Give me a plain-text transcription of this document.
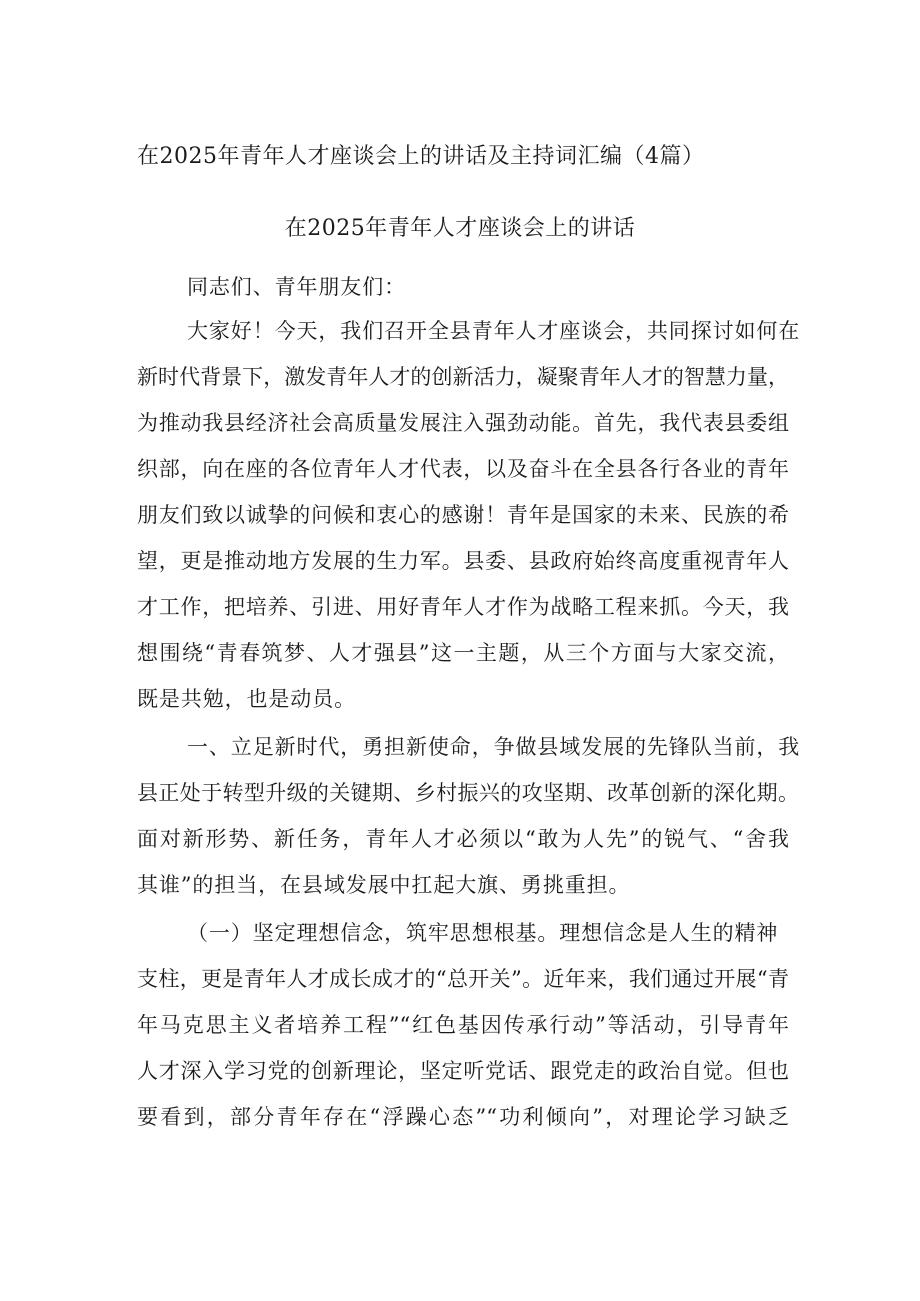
在2025年青年人才座谈会上的讲话及主持词汇编（4篇）
在2025年青年人才座谈会上的讲话
同志们、青年朋友们：
大家好！今天，我们召开全县青年人才座谈会，共同探讨如何在
新时代背景下，激发青年人才的创新活力，凝聚青年人才的智慧力量，
为推动我县经济社会高质量发展注入强劲动能。首先，我代表县委组
织部，向在座的各位青年人才代表，以及奋斗在全县各行各业的青年
朋友们致以诚挚的问候和衷心的感谢！青年是国家的未来、民族的希
望，更是推动地方发展的生力军。县委、县政府始终高度重视青年人
才工作，把培养、引进、用好青年人才作为战略工程来抓。今天，我
想围绕“青春筑梦、人才强县”这一主题，从三个方面与大家交流，
既是共勉，也是动员。
一、立足新时代，勇担新使命，争做县域发展的先锋队当前，我
县正处于转型升级的关键期、乡村振兴的攻坚期、改革创新的深化期。
面对新形势、新任务，青年人才必须以“敢为人先”的锐气、“舍我
其谁”的担当，在县域发展中扛起大旗、勇挑重担。
（一）坚定理想信念，筑牢思想根基。理想信念是人生的精神
支柱，更是青年人才成长成才的“总开关”。近年来，我们通过开展“青
年马克思主义者培养工程”“红色基因传承行动”等活动，引导青年
人才深入学习党的创新理论，坚定听党话、跟党走的政治自觉。但也
要看到，部分青年存在“浮躁心态”“功利倾向”，对理论学习缺乏
